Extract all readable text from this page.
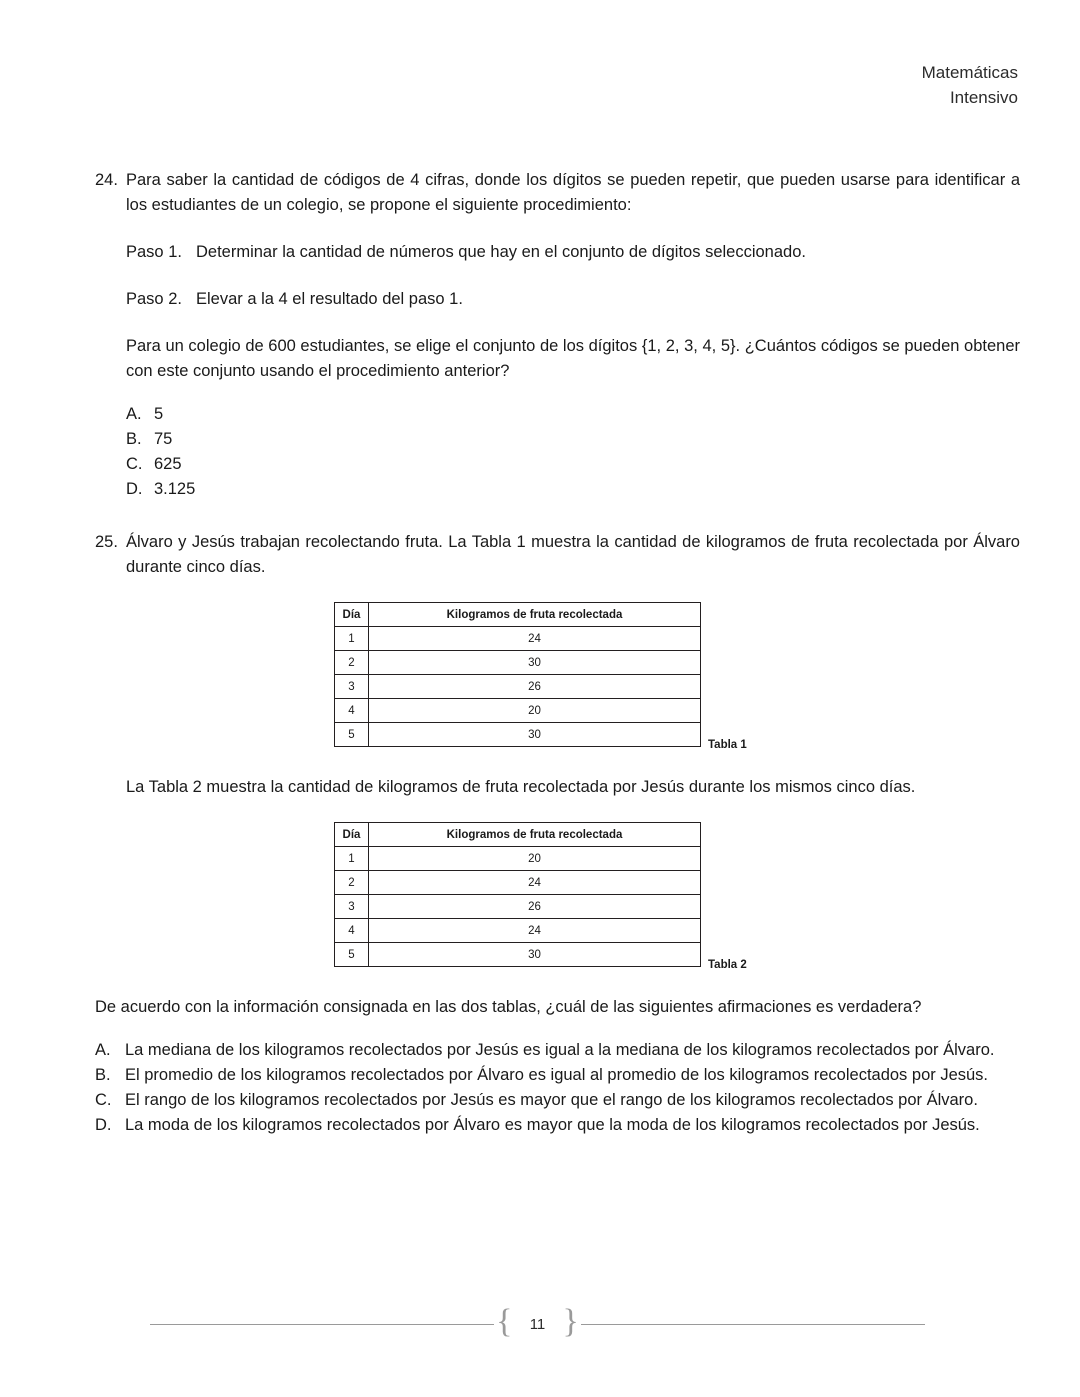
Matemáticas
Intensivo
24. Para saber la cantidad de códigos de 4 cifras, donde los dígitos se pueden repetir, que pueden usarse para identificar a los estudiantes de un colegio, se propone el siguiente procedimiento:

Paso 1. Determinar la cantidad de números que hay en el conjunto de dígitos seleccionado.
Paso 2. Elevar a la 4 el resultado del paso 1.

Para un colegio de 600 estudiantes, se elige el conjunto de los dígitos {1, 2, 3, 4, 5}. ¿Cuántos códigos se pueden obtener con este conjunto usando el procedimiento anterior?

A. 5
B. 75
C. 625
D. 3.125
25. Álvaro y Jesús trabajan recolectando fruta. La Tabla 1 muestra la cantidad de kilogramos de fruta recolectada por Álvaro durante cinco días.

Día	Kilogramos de fruta recolectada
1	24
2	30
3	26
4	20
5	30
Tabla 1

La Tabla 2 muestra la cantidad de kilogramos de fruta recolectada por Jesús durante los mismos cinco días.

Día	Kilogramos de fruta recolectada
1	20
2	24
3	26
4	24
5	30
Tabla 2

De acuerdo con la información consignada en las dos tablas, ¿cuál de las siguientes afirmaciones es verdadera?

A. La mediana de los kilogramos recolectados por Jesús es igual a la mediana de los kilogramos recolectados por Álvaro.
B. El promedio de los kilogramos recolectados por Álvaro es igual al promedio de los kilogramos recolectados por Jesús.
C. El rango de los kilogramos recolectados por Jesús es mayor que el rango de los kilogramos recolectados por Álvaro.
D. La moda de los kilogramos recolectados por Álvaro es mayor que la moda de los kilogramos recolectados por Jesús.
{	11 }
